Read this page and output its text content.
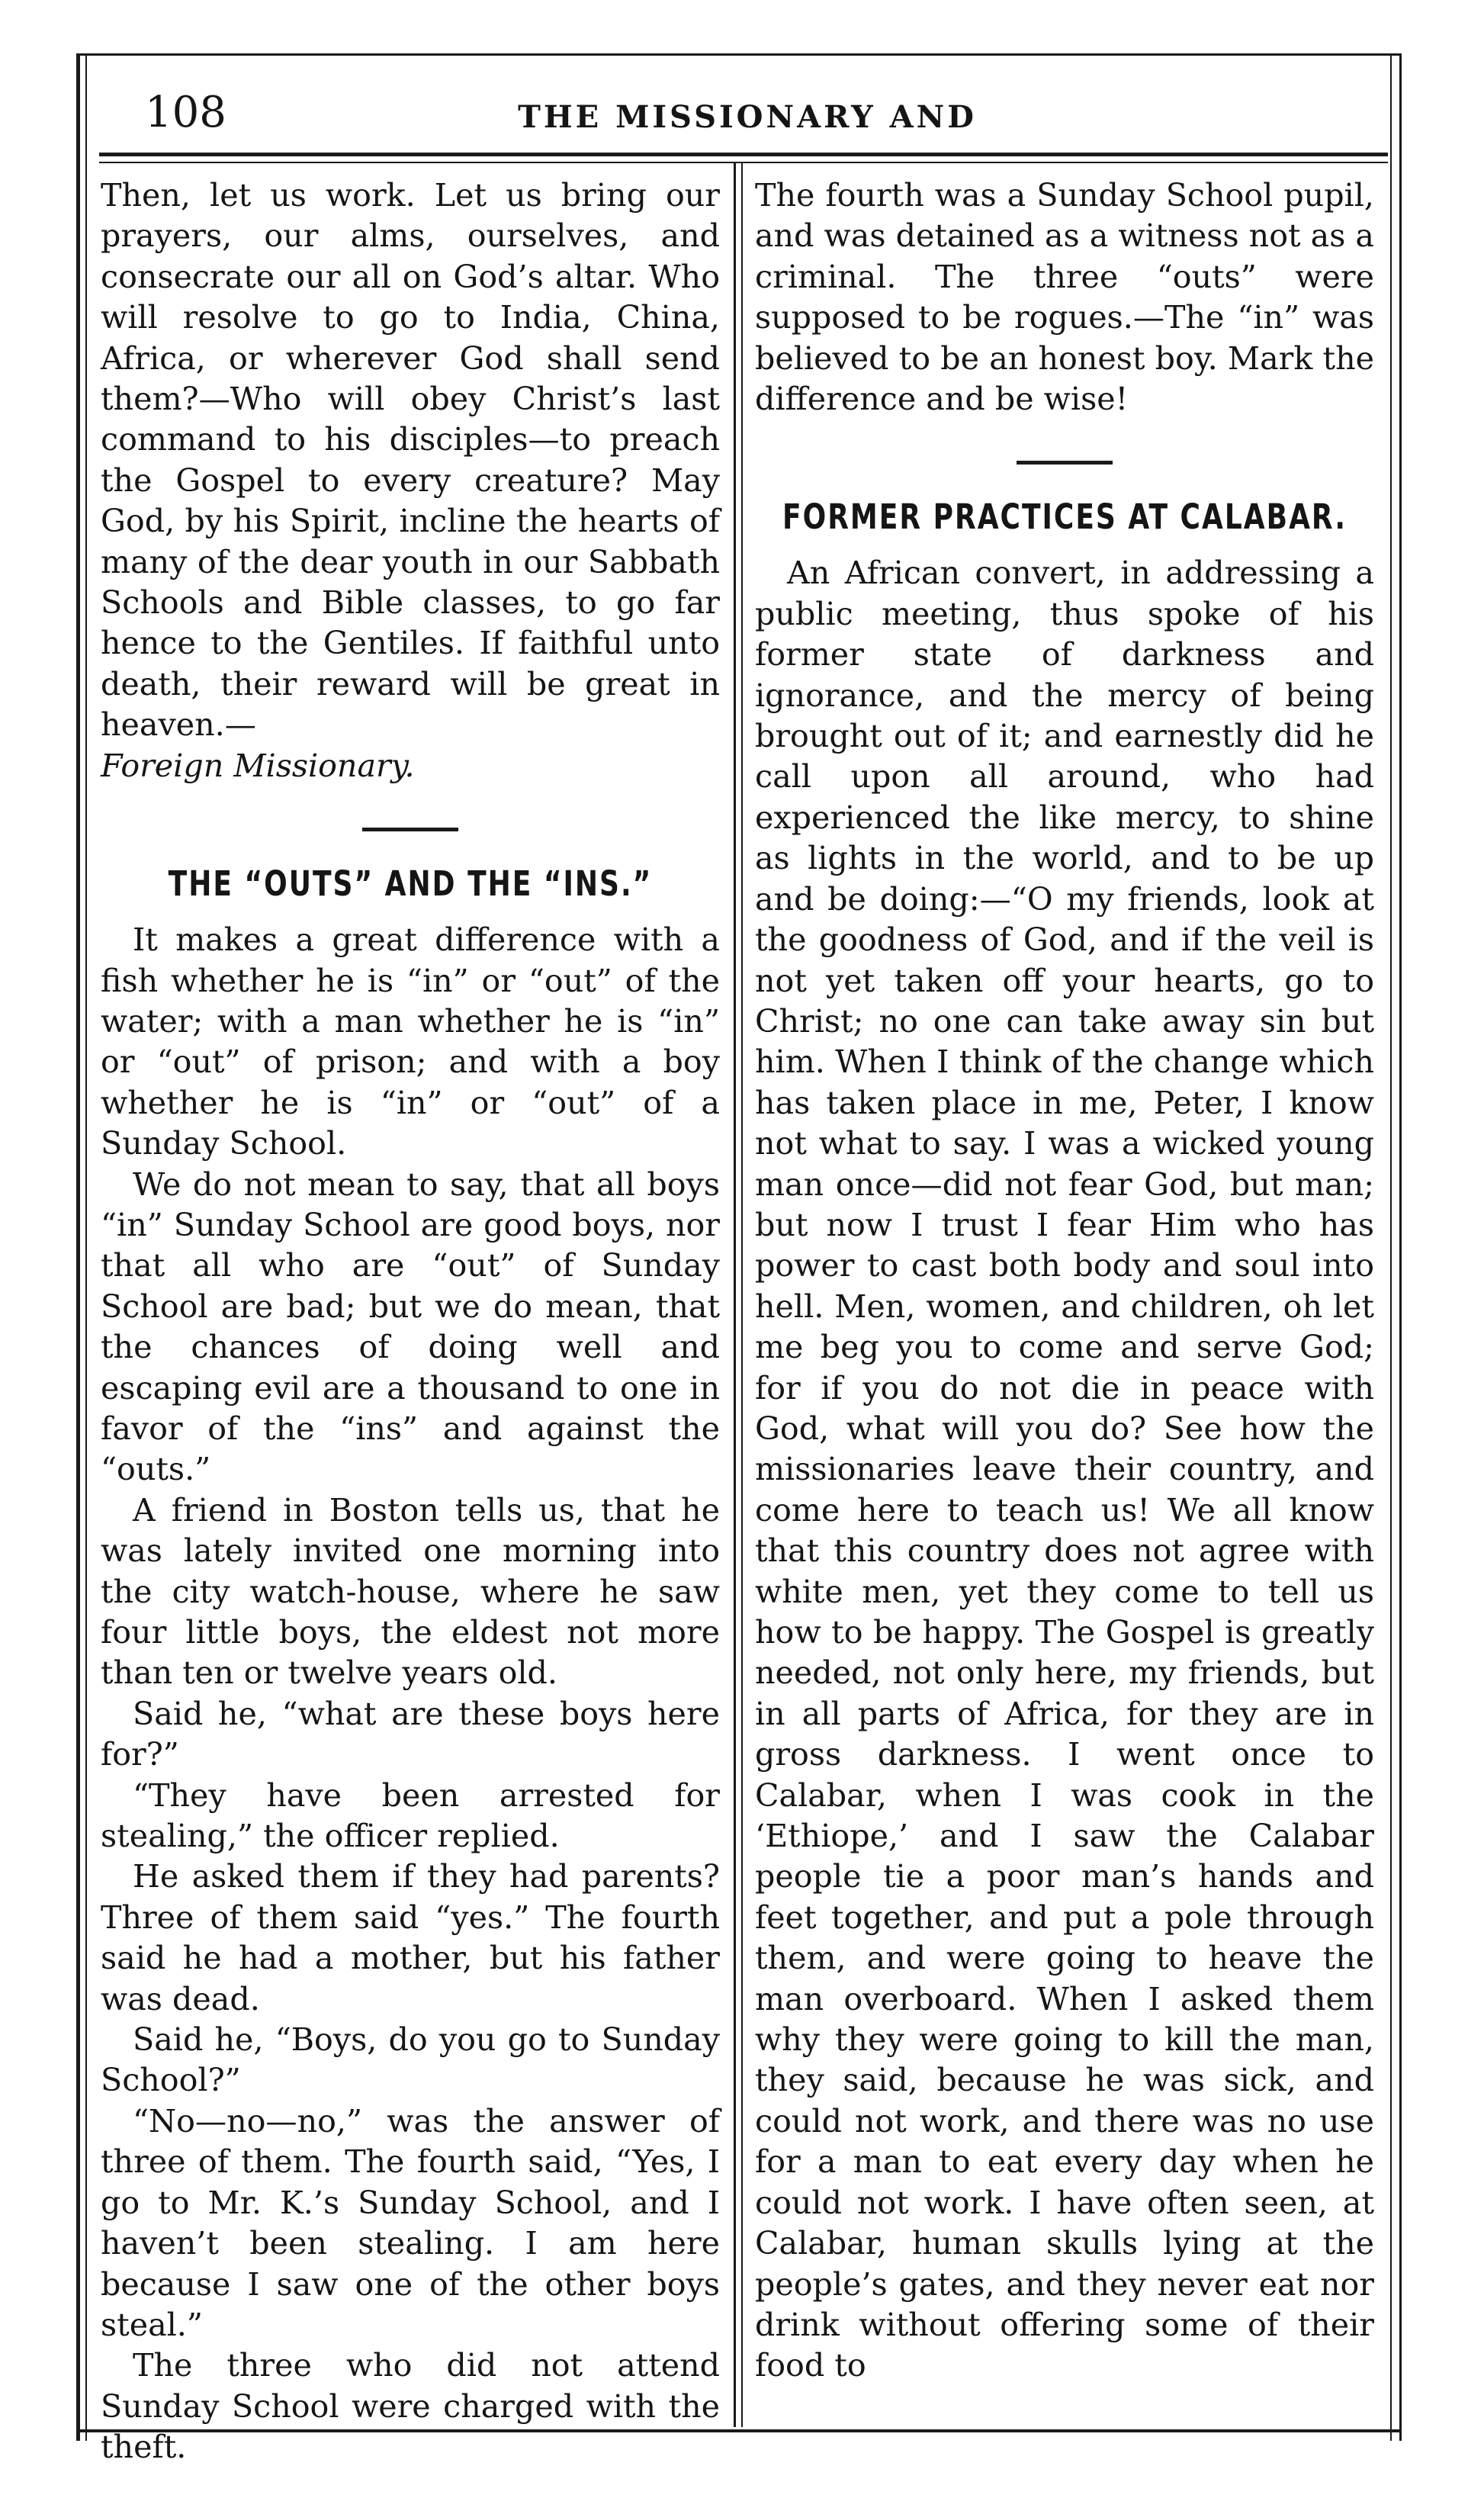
108	THE MISSIONARY AND

Then, let us work. Let us bring our prayers, our alms, ourselves, and consecrate our all on God’s altar. Who will resolve to go to India, China, Africa, or wherever God shall send them?—Who will obey Christ’s last command to his disciples—to preach the Gospel to every creature? May God, by his Spirit, incline the hearts of many of the dear youth in our Sabbath Schools and Bible classes, to go far hence to the Gentiles. If faithful unto death, their reward will be great in heaven.—

Foreign Missionary.

THE “OUTS” AND THE “INS.”

It makes a great difference with a fish whether he is “in” or “out” of the water; with a man whether he is “in” or “out” of prison; and with a boy whether he is “in” or “out” of a Sunday School.

We do not mean to say, that all boys “in” Sunday School are good boys, nor that all who are “out” of Sunday School are bad; but we do mean, that the chances of doing well and escaping evil are a thousand to one in favor of the “ins” and against the “outs.”

A friend in Boston tells us, that he was lately invited one morning into the city watch-house, where he saw four little boys, the eldest not more than ten or twelve years old.

Said he, “what are these boys here for?”

“They have been arrested for stealing,” the officer replied.

He asked them if they had parents? Three of them said “yes.” The fourth said he had a mother, but his father was dead.

Said he, “Boys, do you go to Sunday School?”

“No—no—no,” was the answer of three of them. The fourth said, “Yes, I go to Mr. K.’s Sunday School, and I haven’t been stealing. I am here because I saw one of the other boys steal.”

The three who did not attend Sunday School were charged with the theft.

The fourth was a Sunday School pupil, and was detained as a witness not as a criminal. The three “outs” were supposed to be rogues.—The “in” was believed to be an honest boy. Mark the difference and be wise!

FORMER PRACTICES AT CALABAR.

An African convert, in addressing a public meeting, thus spoke of his former state of darkness and ignorance, and the mercy of being brought out of it; and earnestly did he call upon all around, who had experienced the like mercy, to shine as lights in the world, and to be up and be doing:—“O my friends, look at the goodness of God, and if the veil is not yet taken off your hearts, go to Christ; no one can take away sin but him. When I think of the change which has taken place in me, Peter, I know not what to say. I was a wicked young man once—did not fear God, but man; but now I trust I fear Him who has power to cast both body and soul into hell. Men, women, and children, oh let me beg you to come and serve God; for if you do not die in peace with God, what will you do? See how the missionaries leave their country, and come here to teach us! We all know that this country does not agree with white men, yet they come to tell us how to be happy. The Gospel is greatly needed, not only here, my friends, but in all parts of Africa, for they are in gross darkness. I went once to Calabar, when I was cook in the ‘Ethiope,’ and I saw the Calabar people tie a poor man’s hands and feet together, and put a pole through them, and were going to heave the man overboard. When I asked them why they were going to kill the man, they said, because he was sick, and could not work, and there was no use for a man to eat every day when he could not work. I have often seen, at Calabar, human skulls lying at the people’s gates, and they never eat nor drink without offering some of their food to
